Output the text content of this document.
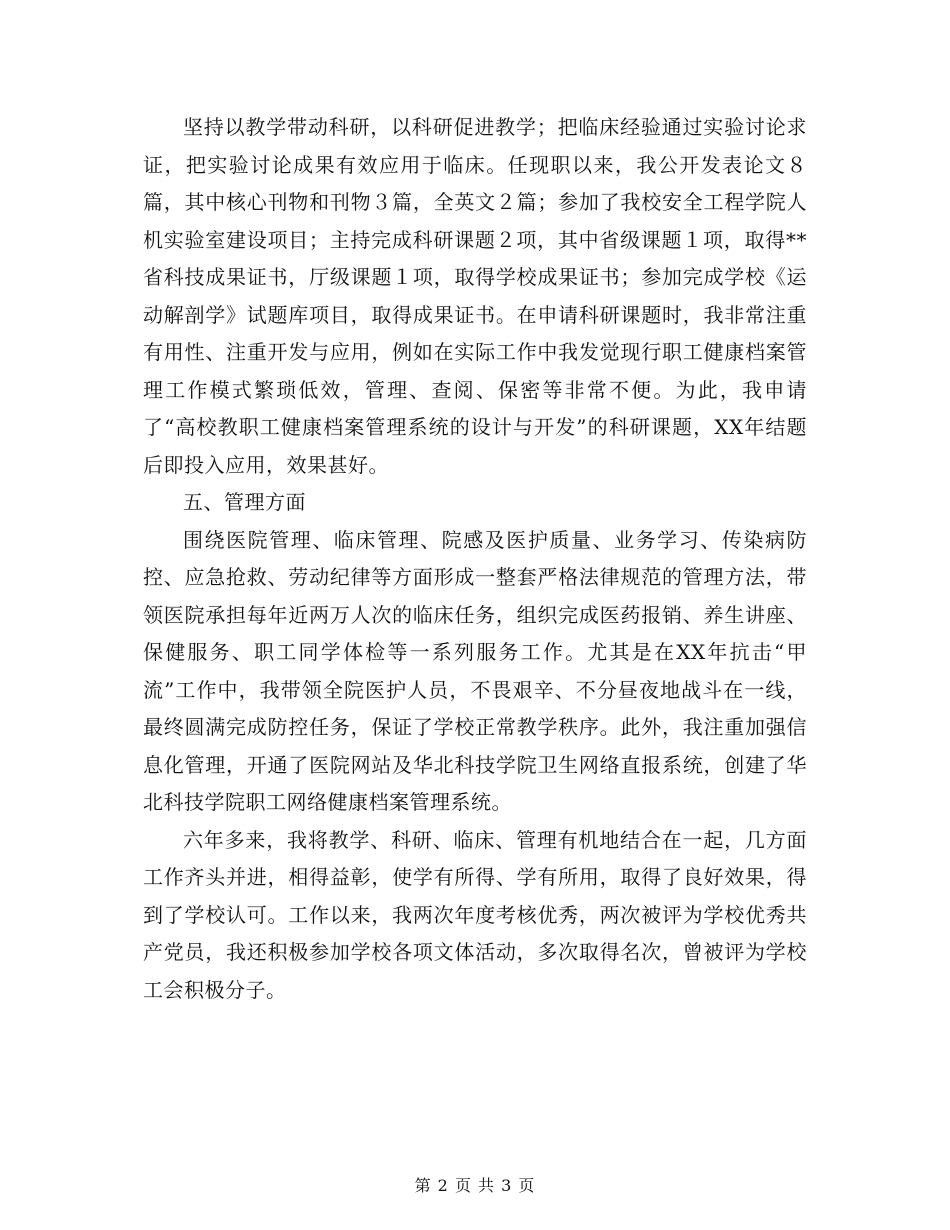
坚持以教学带动科研，以科研促进教学；把临床经验通过实验讨论求证，把实验讨论成果有效应用于临床。任现职以来，我公开发表论文８篇，其中核心刊物和刊物３篇，全英文２篇；参加了我校安全工程学院人机实验室建设项目；主持完成科研课题２项，其中省级课题１项，取得**省科技成果证书，厅级课题１项，取得学校成果证书；参加完成学校《运动解剖学》试题库项目，取得成果证书。在申请科研课题时，我非常注重有用性、注重开发与应用，例如在实际工作中我发觉现行职工健康档案管理工作模式繁琐低效，管理、查阅、保密等非常不便。为此，我申请了“高校教职工健康档案管理系统的设计与开发”的科研课题，XX年结题后即投入应用，效果甚好。

五、管理方面

围绕医院管理、临床管理、院感及医护质量、业务学习、传染病防控、应急抢救、劳动纪律等方面形成一整套严格法律规范的管理方法，带领医院承担每年近两万人次的临床任务，组织完成医药报销、养生讲座、保健服务、职工同学体检等一系列服务工作。尤其是在XX年抗击“甲流”工作中，我带领全院医护人员，不畏艰辛、不分昼夜地战斗在一线，最终圆满完成防控任务，保证了学校正常教学秩序。此外，我注重加强信息化管理，开通了医院网站及华北科技学院卫生网络直报系统，创建了华北科技学院职工网络健康档案管理系统。

六年多来，我将教学、科研、临床、管理有机地结合在一起，几方面工作齐头并进，相得益彰，使学有所得、学有所用，取得了良好效果，得到了学校认可。工作以来，我两次年度考核优秀，两次被评为学校优秀共产党员，我还积极参加学校各项文体活动，多次取得名次，曾被评为学校工会积极分子。

第 2 页 共 3 页
